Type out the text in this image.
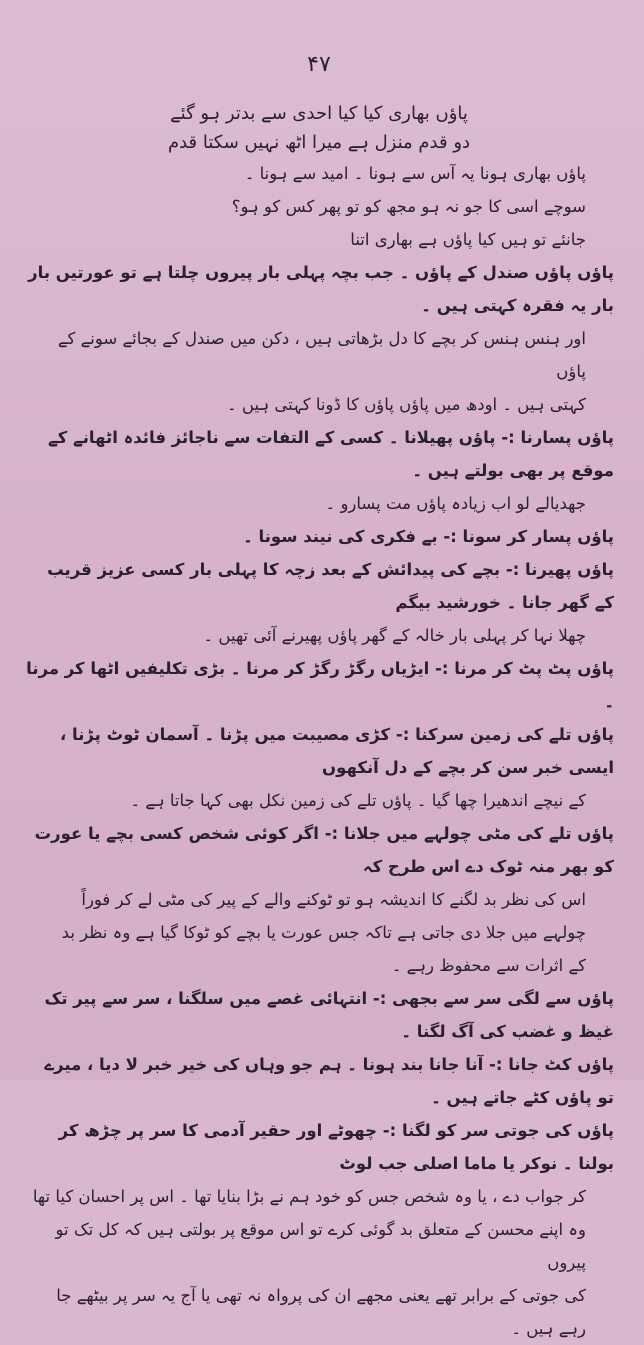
۴۷
پاؤں بھاری کیا کیا احدی سے بدتر ہو گئے
دو قدم منزل ہے میرا اٹھ نہیں سکتا قدم

پاؤں بھاری ہونا یہ آس سے ہونا ۔ امید سے ہونا ۔

سوچے اسی کا جو نہ ہو مجھ کو تو پھر کس کو ہو؟

جانئے تو ہیں کیا پاؤں ہے بھاری اتنا

پاؤں پاؤں صندل کے پاؤں ۔ جب بچہ پہلی بار پیروں چلتا ہے تو عورتیں بار بار یہ فقرہ کہتی ہیں ۔

اور ہنس ہنس کر بچے کا دل بڑھاتی ہیں ، دکن میں صندل کے بجائے سونے کے پاؤں

کہتی ہیں ۔ اودھ میں پاؤں پاؤں کا ڈونا کہتی ہیں ۔

پاؤں پسارنا :- پاؤں پھیلانا ۔ کسی کے التفات سے ناجائز فائدہ اٹھانے کے موقع پر بھی بولتے ہیں ۔

جھدیالے لو اب زیادہ پاؤں مت پسارو ۔

پاؤں پسار کر سونا :- بے فکری کی نیند سونا ۔

پاؤں پھیرنا :- بچے کی پیدائش کے بعد زچہ کا پہلی بار کسی عزیز قریب کے گھر جانا ۔ خورشید بیگم

چھلا نہا کر پہلی بار خالہ کے گھر پاؤں پھیرنے آئی تھیں ۔

پاؤں پٹ پٹ کر مرنا :- ایڑیاں رگڑ رگڑ کر مرنا ۔ بڑی تکلیفیں اٹھا کر مرنا ۔

پاؤں تلے کی زمین سرکنا :- کڑی مصیبت میں پڑنا ۔ آسمان ٹوٹ پڑنا ، ایسی خبر سن کر بچے کے دل آنکھوں

کے نیچے اندھیرا چھا گیا ۔ پاؤں تلے کی زمین نکل بھی کہا جاتا ہے ۔

پاؤں تلے کی مٹی چولہے میں جلانا :- اگر کوئی شخص کسی بچے یا عورت کو بھر منہ ٹوک دے اس طرح کہ

اس کی نظر بد لگنے کا اندیشہ ہو تو ٹوکنے والے کے پیر کی مٹی لے کر فوراً

چولہے میں جلا دی جاتی ہے تاکہ جس عورت یا بچے کو ٹوکا گیا ہے وہ نظر بد

کے اثرات سے محفوظ رہے ۔

پاؤں سے لگی سر سے بجھی :- انتہائی غصے میں سلگنا ، سر سے پیر تک غیظ و غضب کی آگ لگنا ۔

پاؤں کٹ جانا :- آنا جانا بند ہونا ۔ ہم جو وہاں کی خیر خبر لا دیا ، میرے تو پاؤں کٹے جاتے ہیں ۔

پاؤں کی جوتی سر کو لگنا :- چھوٹے اور حقیر آدمی کا سر پر چڑھ کر بولنا ۔ نوکر یا ماما اصلی جب لوٹ

کر جواب دے ، یا وہ شخص جس کو خود ہم نے بڑا بنایا تھا ۔ اس پر احسان کیا تھا

وہ اپنے محسن کے متعلق بد گوئی کرے تو اس موقع پر بولتی ہیں کہ کل تک تو پیروں

کی جوتی کے برابر تھے یعنی مجھے ان کی پرواہ نہ تھی یا آج یہ سر پر بیٹھے جا

رہے ہیں ۔
